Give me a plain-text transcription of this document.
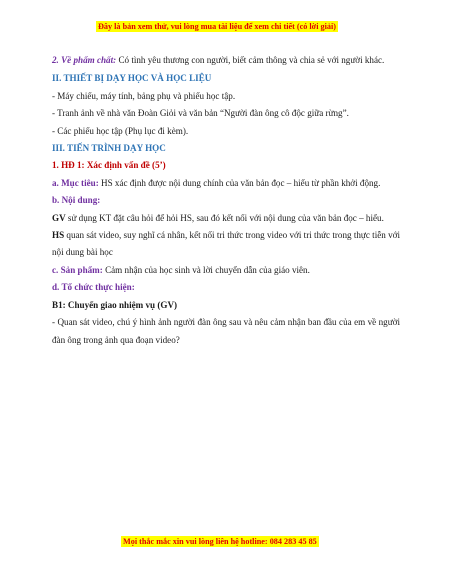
Đây là bản xem thử, vui lòng mua tài liệu để xem chi tiết (có lời giải)

2. Về phẩm chất: Có tình yêu thương con người, biết cảm thông và chia sẻ với người khác.

II. THIẾT BỊ DẠY HỌC VÀ HỌC LIỆU

- Máy chiếu, máy tính, bảng phụ và phiếu học tập.

- Tranh ảnh về nhà văn Đoàn Giỏi và văn bản “Người đàn ông cô độc giữa rừng”.

- Các phiếu học tập (Phụ lục đi kèm).

III. TIẾN TRÌNH DẠY HỌC

1. HĐ 1: Xác định vấn đề (5’)

a. Mục tiêu: HS xác định được nội dung chính của văn bản đọc – hiểu từ phần khởi động.

b. Nội dung:

GV sử dụng KT đặt câu hỏi để hỏi HS, sau đó kết nối với nội dung của văn bản đọc – hiểu.

HS quan sát video, suy nghĩ cá nhân, kết nối tri thức trong video với tri thức trong thực tiễn với nội dung bài học

c. Sản phẩm: Cảm nhận của học sinh và lời chuyển dẫn của giáo viên.

d. Tổ chức thực hiện:

B1: Chuyển giao nhiệm vụ (GV)

- Quan sát video, chú ý hình ảnh người đàn ông sau và nêu cảm nhận ban đầu của em về người đàn ông trong ảnh qua đoạn video?

Mọi thắc mắc xin vui lòng liên hệ hotline: 084 283 45 85
